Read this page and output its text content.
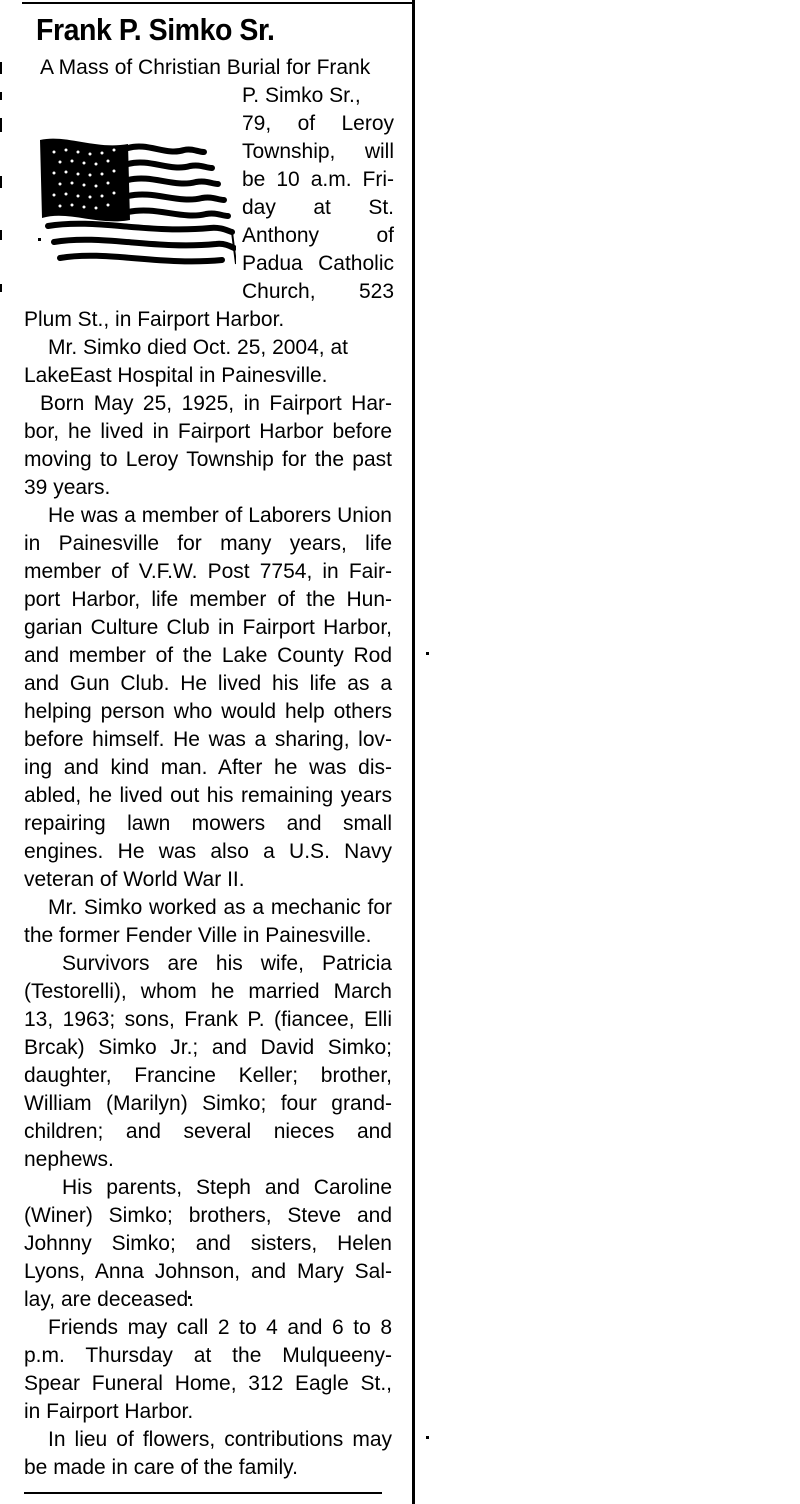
Frank P. Simko Sr.
A Mass of Christian Burial for Frank
P. Simko Sr.,
79, of Leroy
Township, will
be 10 a.m. Fri-
day at St.
Anthony of
Padua Catholic
Church, 523
Plum St., in Fairport Harbor.
Mr. Simko died Oct. 25, 2004, at
LakeEast Hospital in Painesville.
Born May 25, 1925, in Fairport Har-
bor, he lived in Fairport Harbor before
moving to Leroy Township for the past
39 years.
He was a member of Laborers Union
in Painesville for many years, life
member of V.F.W. Post 7754, in Fair-
port Harbor, life member of the Hun-
garian Culture Club in Fairport Harbor,
and member of the Lake County Rod
and Gun Club. He lived his life as a
helping person who would help others
before himself. He was a sharing, lov-
ing and kind man. After he was dis-
abled, he lived out his remaining years
repairing lawn mowers and small
engines. He was also a U.S. Navy
veteran of World War II.
Mr. Simko worked as a mechanic for
the former Fender Ville in Painesville.
Survivors are his wife, Patricia
(Testorelli), whom he married March
13, 1963; sons, Frank P. (fiancee, Elli
Brcak) Simko Jr.; and David Simko;
daughter, Francine Keller; brother,
William (Marilyn) Simko; four grand-
children; and several nieces and
nephews.
His parents, Steph and Caroline
(Winer) Simko; brothers, Steve and
Johnny Simko; and sisters, Helen
Lyons, Anna Johnson, and Mary Sal-
lay, are deceased.
Friends may call 2 to 4 and 6 to 8
p.m. Thursday at the Mulqueeny-
Spear Funeral Home, 312 Eagle St.,
in Fairport Harbor.
In lieu of flowers, contributions may
be made in care of the family.
